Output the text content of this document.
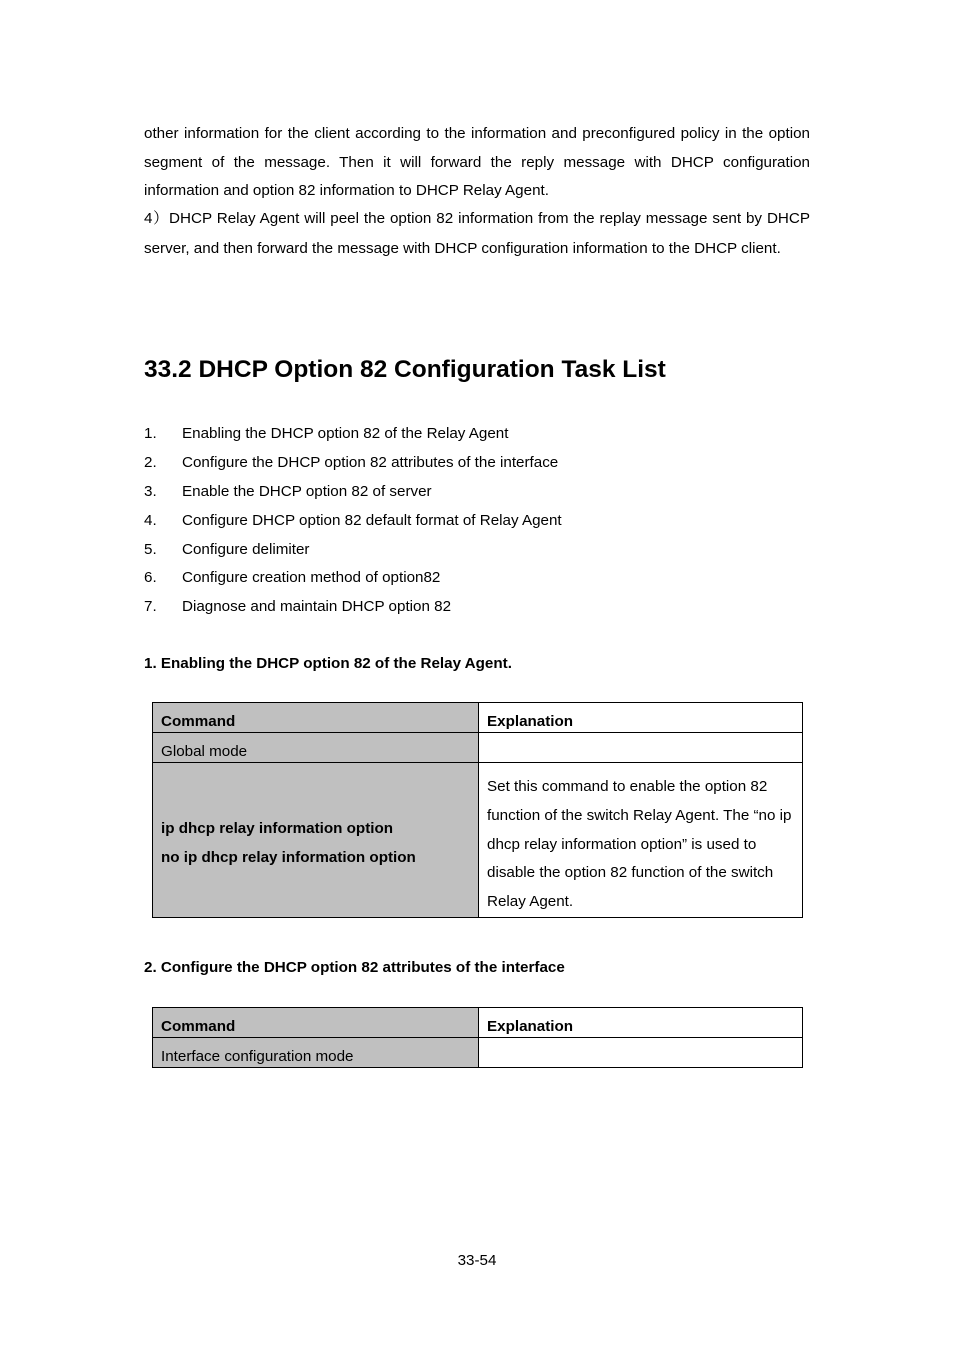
other information for the client according to the information and preconfigured policy in the option segment of the message. Then it will forward the reply message with DHCP configuration information and option 82 information to DHCP Relay Agent.

4）DHCP Relay Agent will peel the option 82 information from the replay message sent by DHCP server, and then forward the message with DHCP configuration information to the DHCP client.

33.2 DHCP Option 82 Configuration Task List
1. Enabling the DHCP option 82 of the Relay Agent
2. Configure the DHCP option 82 attributes of the interface
3. Enable the DHCP option 82 of server
4. Configure DHCP option 82 default format of Relay Agent
5. Configure delimiter
6. Configure creation method of option82
7. Diagnose and maintain DHCP option 82
1. Enabling the DHCP option 82 of the Relay Agent.
Command	Explanation
Global mode	

ip dhcp relay information option
no ip dhcp relay information option	Set this command to enable the option 82 function of the switch Relay Agent. The “no ip dhcp relay information option” is used to disable the option 82 function of the switch Relay Agent.
2. Configure the DHCP option 82 attributes of the interface
Command	Explanation
Interface configuration mode	
33-54
